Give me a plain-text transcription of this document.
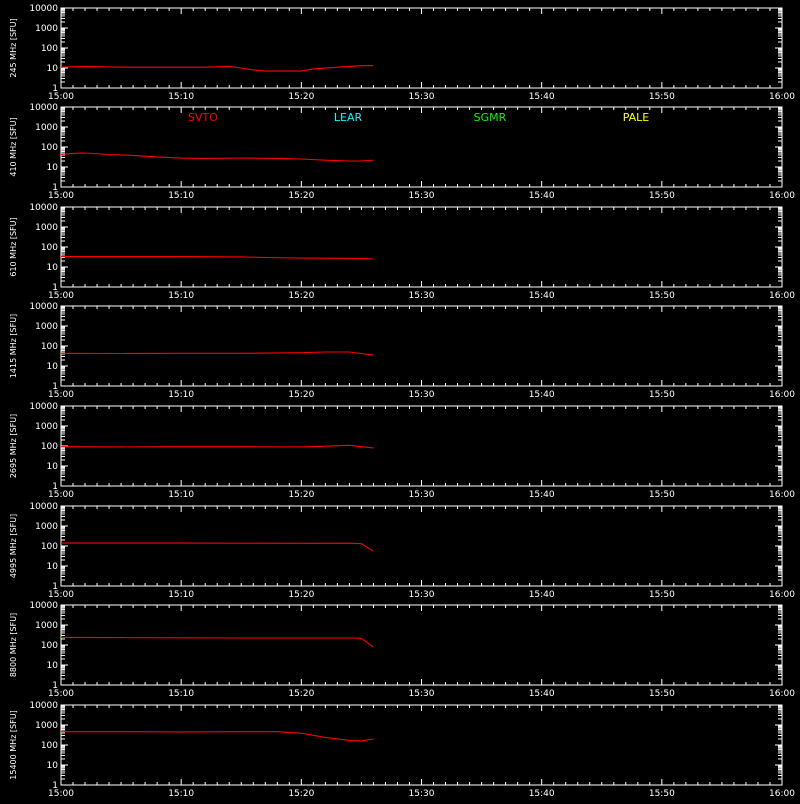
1
10
100
1000
10000
15:00	15:10	15:20	15:30	15:40	15:50	16:00
245 MHz [SFU]
1
10
100
1000
10000
15:00	15:10	15:20	15:30	15:40	15:50	16:00
410 MHz [SFU]	SVTO	LEAR	SGMR	PALE
1
10
100
1000
10000
15:00	15:10	15:20	15:30	15:40	15:50	16:00
610 MHz [SFU]
1
10
100
1000
10000
15:00	15:10	15:20	15:30	15:40	15:50	16:00
1415 MHz [SFU]
1
10
100
1000
10000
15:00	15:10	15:20	15:30	15:40	15:50	16:00
2695 MHz [SFU]
1
10
100
1000
10000
15:00	15:10	15:20	15:30	15:40	15:50	16:00
4995 MHz [SFU]
1
10
100
1000
10000
15:00	15:10	15:20	15:30	15:40	15:50	16:00
8800 MHz [SFU]
1
10
100
1000
10000
15:00	15:10	15:20	15:30	15:40	15:50	16:00
15400 MHz [SFU]
